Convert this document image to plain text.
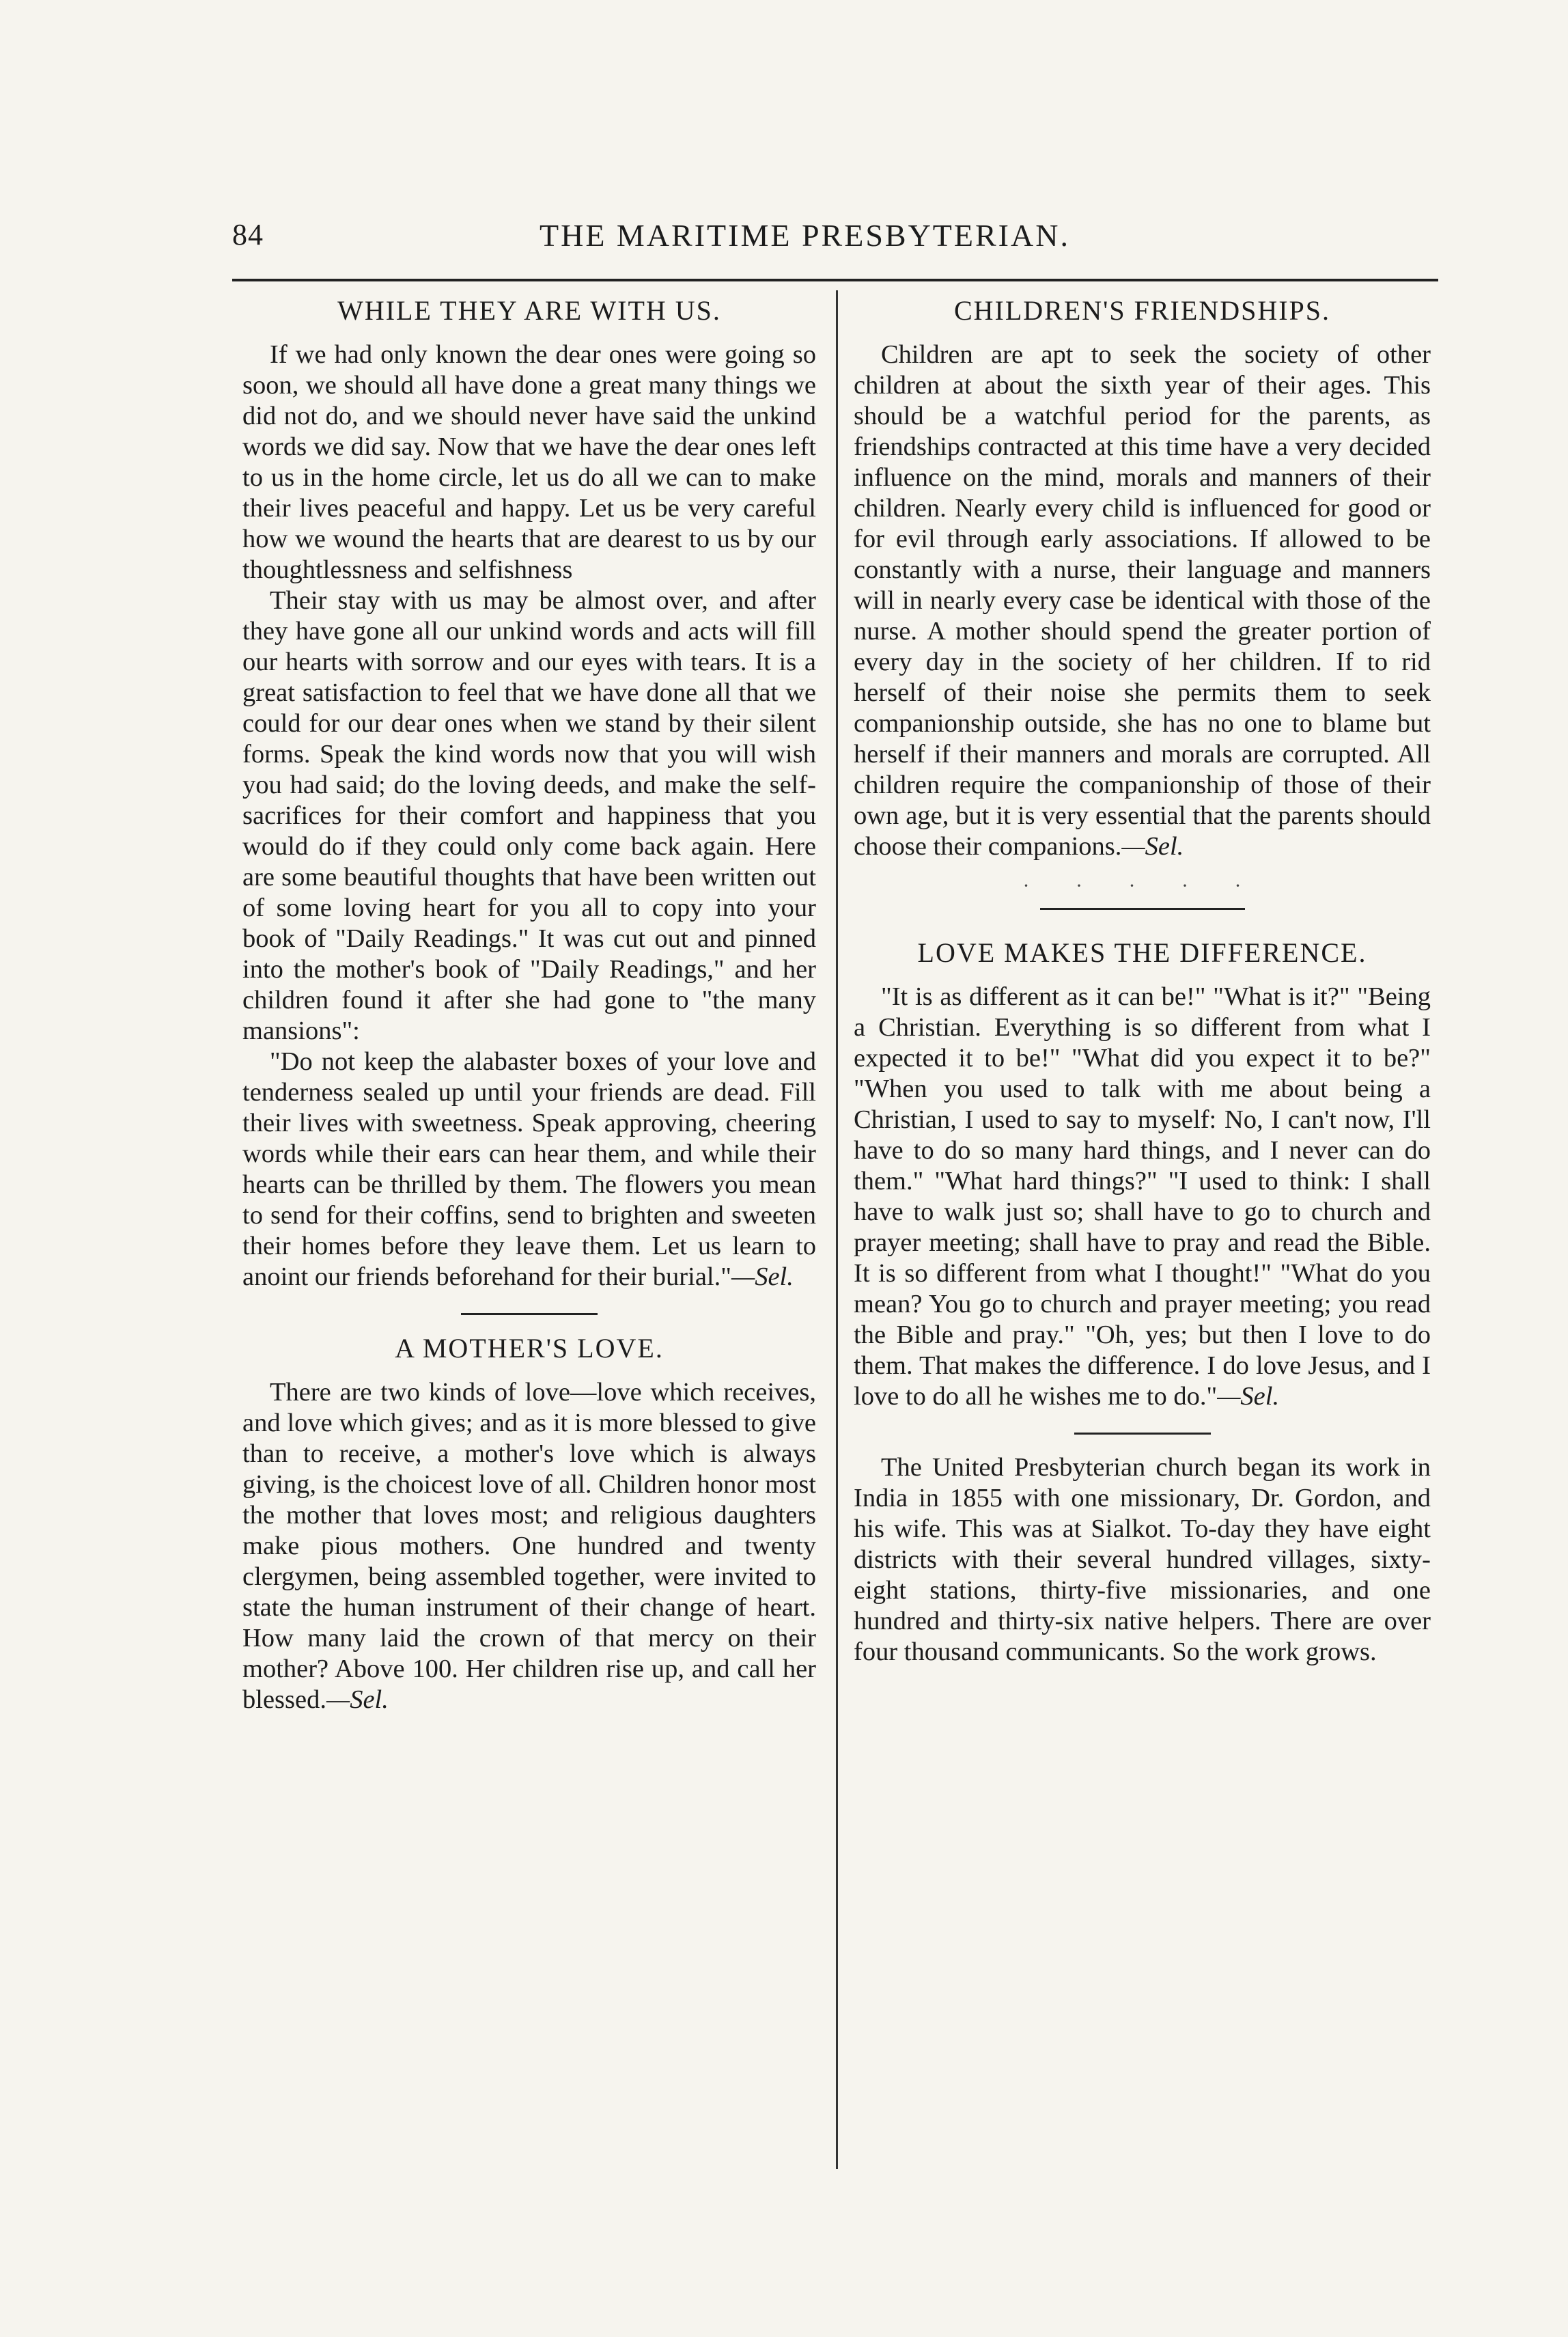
84	THE MARITIME PRESBYTERIAN.
WHILE THEY ARE WITH US.

If we had only known the dear ones were going so soon, we should all have done a great many things we did not do, and we should never have said the unkind words we did say. Now that we have the dear ones left to us in the home circle, let us do all we can to make their lives peaceful and happy. Let us be very careful how we wound the hearts that are dearest to us by our thoughtlessness and selfishness

Their stay with us may be almost over, and after they have gone all our unkind words and acts will fill our hearts with sorrow and our eyes with tears. It is a great satisfaction to feel that we have done all that we could for our dear ones when we stand by their silent forms. Speak the kind words now that you will wish you had said; do the loving deeds, and make the self-sacrifices for their comfort and happiness that you would do if they could only come back again. Here are some beautiful thoughts that have been written out of some loving heart for you all to copy into your book of "Daily Readings." It was cut out and pinned into the mother's book of "Daily Readings," and her children found it after she had gone to "the many mansions":

"Do not keep the alabaster boxes of your love and tenderness sealed up until your friends are dead. Fill their lives with sweetness. Speak approving, cheering words while their ears can hear them, and while their hearts can be thrilled by them. The flowers you mean to send for their coffins, send to brighten and sweeten their homes before they leave them. Let us learn to anoint our friends beforehand for their burial."—Sel.

A MOTHER'S LOVE.

There are two kinds of love—love which receives, and love which gives; and as it is more blessed to give than to receive, a mother's love which is always giving, is the choicest love of all. Children honor most the mother that loves most; and religious daughters make pious mothers. One hundred and twenty clergymen, being assembled together, were invited to state the human instrument of their change of heart. How many laid the crown of that mercy on their mother? Above 100. Her children rise up, and call her blessed.—Sel.

CHILDREN'S FRIENDSHIPS.

Children are apt to seek the society of other children at about the sixth year of their ages. This should be a watchful period for the parents, as friendships contracted at this time have a very decided influence on the mind, morals and manners of their children. Nearly every child is influenced for good or for evil through early associations. If allowed to be constantly with a nurse, their language and manners will in nearly every case be identical with those of the nurse. A mother should spend the greater portion of every day in the society of her children. If to rid herself of their noise she permits them to seek companionship outside, she has no one to blame but herself if their manners and morals are corrupted. All children require the companionship of those of their own age, but it is very essential that the parents should choose their companions.—Sel.

· · · · ·
LOVE MAKES THE DIFFERENCE.

"It is as different as it can be!" "What is it?" "Being a Christian. Everything is so different from what I expected it to be!" "What did you expect it to be?" "When you used to talk with me about being a Christian, I used to say to myself: No, I can't now, I'll have to do so many hard things, and I never can do them." "What hard things?" "I used to think: I shall have to walk just so; shall have to go to church and prayer meeting; shall have to pray and read the Bible. It is so different from what I thought!" "What do you mean? You go to church and prayer meeting; you read the Bible and pray." "Oh, yes; but then I love to do them. That makes the difference. I do love Jesus, and I love to do all he wishes me to do."—Sel.

The United Presbyterian church began its work in India in 1855 with one missionary, Dr. Gordon, and his wife. This was at Sialkot. To-day they have eight districts with their several hundred villages, sixty-eight stations, thirty-five missionaries, and one hundred and thirty-six native helpers. There are over four thousand communicants. So the work grows.
